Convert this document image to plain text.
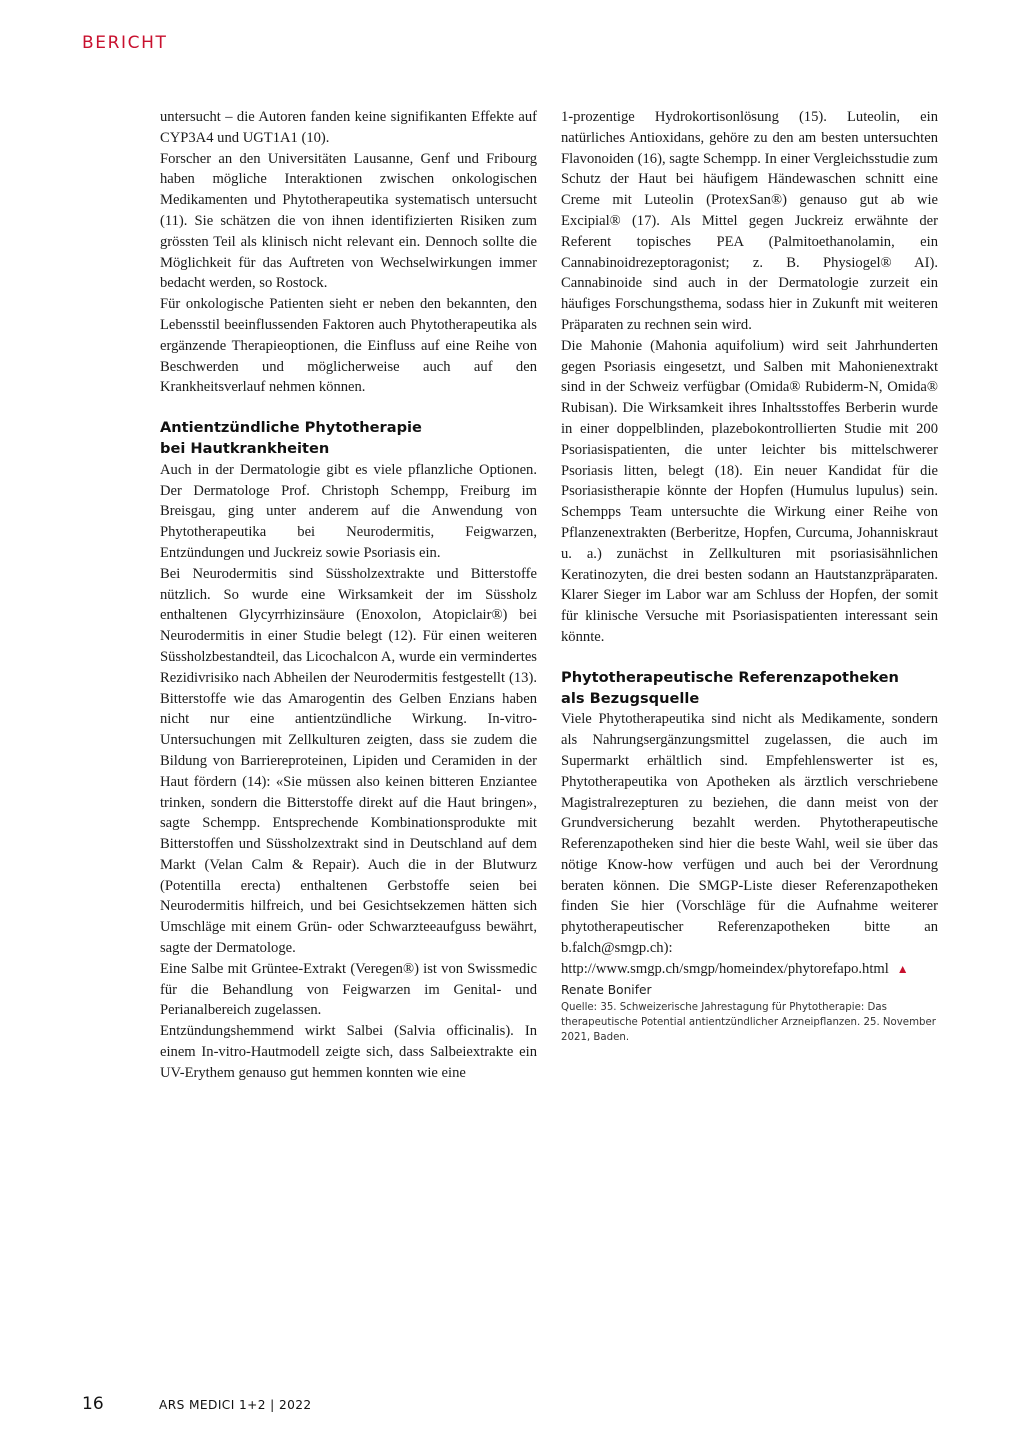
BERICHT

untersucht – die Autoren fanden keine signifikanten Effekte auf CYP3A4 und UGT1A1 (10).

Forscher an den Universitäten Lausanne, Genf und Fribourg haben mögliche Interaktionen zwischen onkologischen Medikamenten und Phytotherapeutika systematisch untersucht (11). Sie schätzen die von ihnen identifizierten Risiken zum grössten Teil als klinisch nicht relevant ein. Dennoch sollte die Möglichkeit für das Auftreten von Wechselwirkungen immer bedacht werden, so Rostock.

Für onkologische Patienten sieht er neben den bekannten, den Lebensstil beeinflussenden Faktoren auch Phytotherapeutika als ergänzende Therapieoptionen, die Einfluss auf eine Reihe von Beschwerden und möglicherweise auch auf den Krankheitsverlauf nehmen können.

Antientzündliche Phytotherapie
bei Hautkrankheiten

Auch in der Dermatologie gibt es viele pflanzliche Optionen. Der Dermatologe Prof. Christoph Schempp, Freiburg im Breisgau, ging unter anderem auf die Anwendung von Phytotherapeutika bei Neurodermitis, Feigwarzen, Entzündungen und Juckreiz sowie Psoriasis ein.

Bei Neurodermitis sind Süssholzextrakte und Bitterstoffe nützlich. So wurde eine Wirksamkeit der im Süssholz enthaltenen Glycyrrhizinsäure (Enoxolon, Atopiclair®) bei Neurodermitis in einer Studie belegt (12). Für einen weiteren Süssholzbestandteil, das Licochalcon A, wurde ein vermindertes Rezidivrisiko nach Abheilen der Neurodermitis festgestellt (13). Bitterstoffe wie das Amarogentin des Gelben Enzians haben nicht nur eine antientzündliche Wirkung. In-vitro-Untersuchungen mit Zellkulturen zeigten, dass sie zudem die Bildung von Barriereproteinen, Lipiden und Ceramiden in der Haut fördern (14): «Sie müssen also keinen bitteren Enziantee trinken, sondern die Bitterstoffe direkt auf die Haut bringen», sagte Schempp. Entsprechende Kombinationsprodukte mit Bitterstoffen und Süssholzextrakt sind in Deutschland auf dem Markt (Velan Calm & Repair). Auch die in der Blutwurz (Potentilla erecta) enthaltenen Gerbstoffe seien bei Neurodermitis hilfreich, und bei Gesichtsekzemen hätten sich Umschläge mit einem Grün- oder Schwarzteeaufguss bewährt, sagte der Dermatologe.

Eine Salbe mit Grüntee-Extrakt (Veregen®) ist von Swissmedic für die Behandlung von Feigwarzen im Genital- und Perianalbereich zugelassen.

Entzündungshemmend wirkt Salbei (Salvia officinalis). In einem In-vitro-Hautmodell zeigte sich, dass Salbeiextrakte ein UV-Erythem genauso gut hemmen konnten wie eine

1-prozentige Hydrokortisonlösung (15). Luteolin, ein natürliches Antioxidans, gehöre zu den am besten untersuchten Flavonoiden (16), sagte Schempp. In einer Vergleichsstudie zum Schutz der Haut bei häufigem Händewaschen schnitt eine Creme mit Luteolin (ProtexSan®) genauso gut ab wie Excipial® (17). Als Mittel gegen Juckreiz erwähnte der Referent topisches PEA (Palmitoethanolamin, ein Cannabinoidrezeptoragonist; z. B. Physiogel® AI). Cannabinoide sind auch in der Dermatologie zurzeit ein häufiges Forschungsthema, sodass hier in Zukunft mit weiteren Präparaten zu rechnen sein wird.

Die Mahonie (Mahonia aquifolium) wird seit Jahrhunderten gegen Psoriasis eingesetzt, und Salben mit Mahonienextrakt sind in der Schweiz verfügbar (Omida® Rubiderm-N, Omida® Rubisan). Die Wirksamkeit ihres Inhaltsstoffes Berberin wurde in einer doppelblinden, plazebokontrollierten Studie mit 200 Psoriasispatienten, die unter leichter bis mittelschwerer Psoriasis litten, belegt (18). Ein neuer Kandidat für die Psoriasistherapie könnte der Hopfen (Humulus lupulus) sein. Schempps Team untersuchte die Wirkung einer Reihe von Pflanzenextrakten (Berberitze, Hopfen, Curcuma, Johanniskraut u. a.) zunächst in Zellkulturen mit psoriasisähnlichen Keratinozyten, die drei besten sodann an Hautstanzpräparaten. Klarer Sieger im Labor war am Schluss der Hopfen, der somit für klinische Versuche mit Psoriasispatienten interessant sein könnte.

Phytotherapeutische Referenzapotheken
als Bezugsquelle

Viele Phytotherapeutika sind nicht als Medikamente, sondern als Nahrungsergänzungsmittel zugelassen, die auch im Supermarkt erhältlich sind. Empfehlenswerter ist es, Phytotherapeutika von Apotheken als ärztlich verschriebene Magistralrezepturen zu beziehen, die dann meist von der Grundversicherung bezahlt werden. Phytotherapeutische Referenzapotheken sind hier die beste Wahl, weil sie über das nötige Know-how verfügen und auch bei der Verordnung beraten können. Die SMGP-Liste dieser Referenzapotheken finden Sie hier (Vorschläge für die Aufnahme weiterer phytotherapeutischer Referenzapotheken bitte an b.falch@smgp.ch): http://www.smgp.ch/smgp/homeindex/phytorefapo.html ▲

Renate Bonifer

Quelle: 35. Schweizerische Jahrestagung für Phytotherapie: Das therapeutische Potential antientzündlicher Arzneipflanzen. 25. November 2021, Baden.

16	ARS MEDICI 1+2 | 2022
